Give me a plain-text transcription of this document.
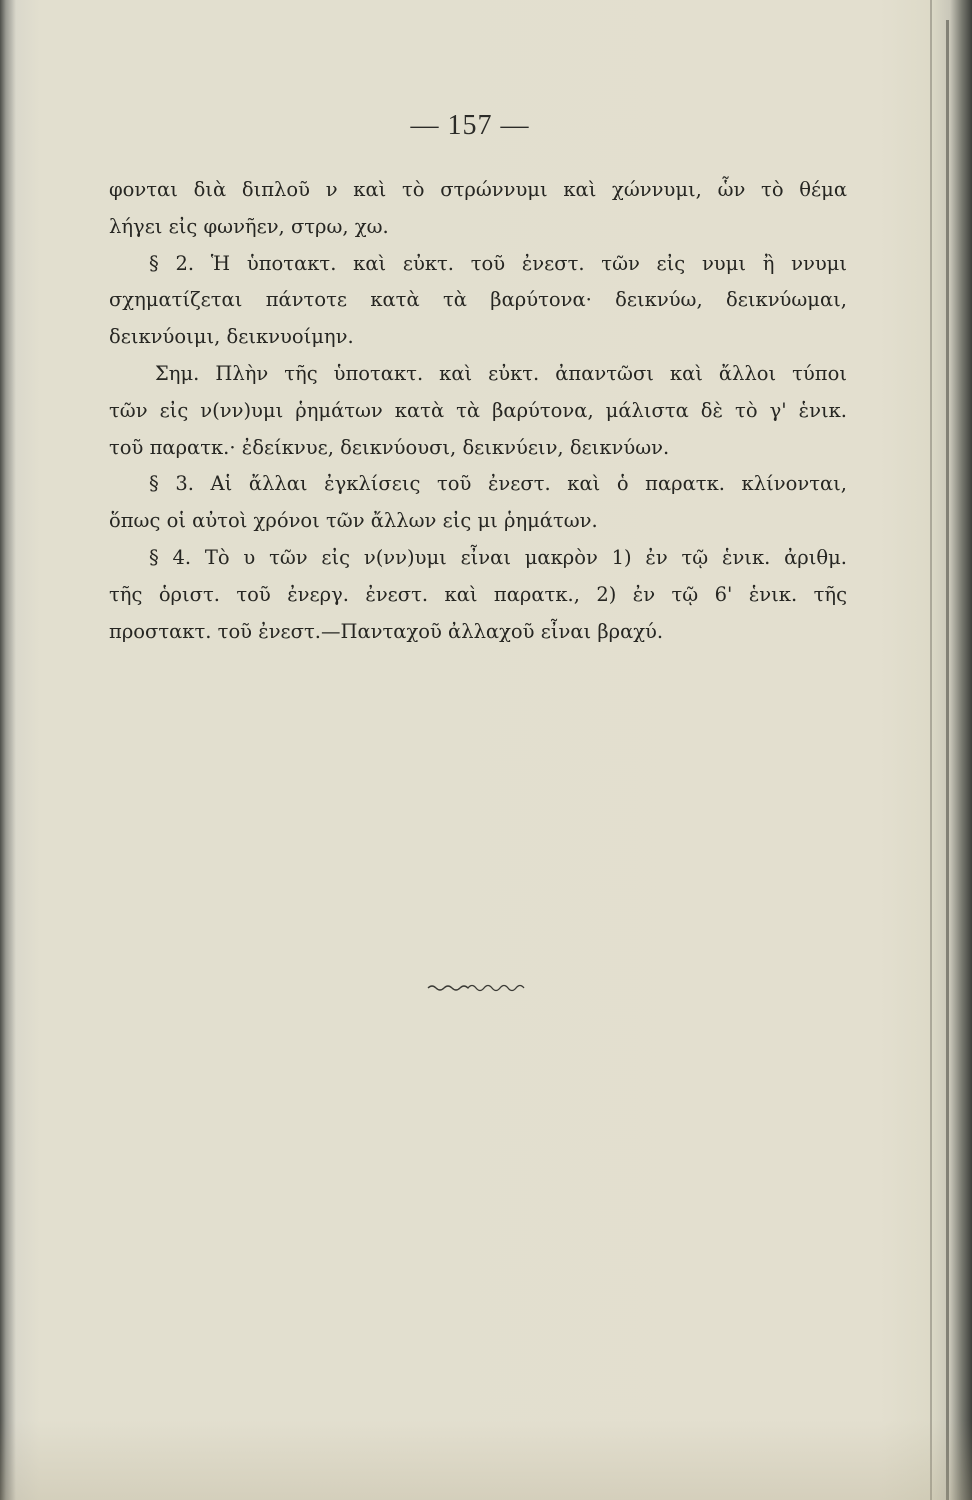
— 157 —
φονται διὰ διπλοῦ ν καὶ τὸ στρώννυμι καὶ χώννυμι, ὧν τὸ θέμα
λήγει εἰς φωνῆεν, στρω, χω.
§ 2. Ἡ ὑποτακτ. καὶ εὐκτ. τοῦ ἐνεστ. τῶν εἰς νυμι ἢ ννυμι
σχηματίζεται πάντοτε κατὰ τὰ βαρύτονα· δεικνύω, δεικνύωμαι,
δεικνύοιμι, δεικνυοίμην.
Σημ. Πλὴν τῆς ὑποτακτ. καὶ εὐκτ. ἀπαντῶσι καὶ ἄλλοι τύποι
τῶν εἰς ν(νν)υμι ῥημάτων κατὰ τὰ βαρύτονα, μάλιστα δὲ τὸ γ' ἑνικ.
τοῦ παρατκ.· ἐδείκνυε, δεικνύουσι, δεικνύειν, δεικνύων.
§ 3. Αἱ ἄλλαι ἐγκλίσεις τοῦ ἐνεστ. καὶ ὁ παρατκ. κλίνονται,
ὅπως οἱ αὐτοὶ χρόνοι τῶν ἄλλων εἰς μι ῥημάτων.
§ 4. Τὸ υ τῶν εἰς ν(νν)υμι εἶναι μακρὸν 1) ἐν τῷ ἑνικ. ἀριθμ.
τῆς ὁριστ. τοῦ ἐνεργ. ἐνεστ. καὶ παρατκ., 2) ἐν τῷ 6' ἑνικ. τῆς
προστακτ. τοῦ ἐνεστ.—Πανταχοῦ ἀλλαχοῦ εἶναι βραχύ.
